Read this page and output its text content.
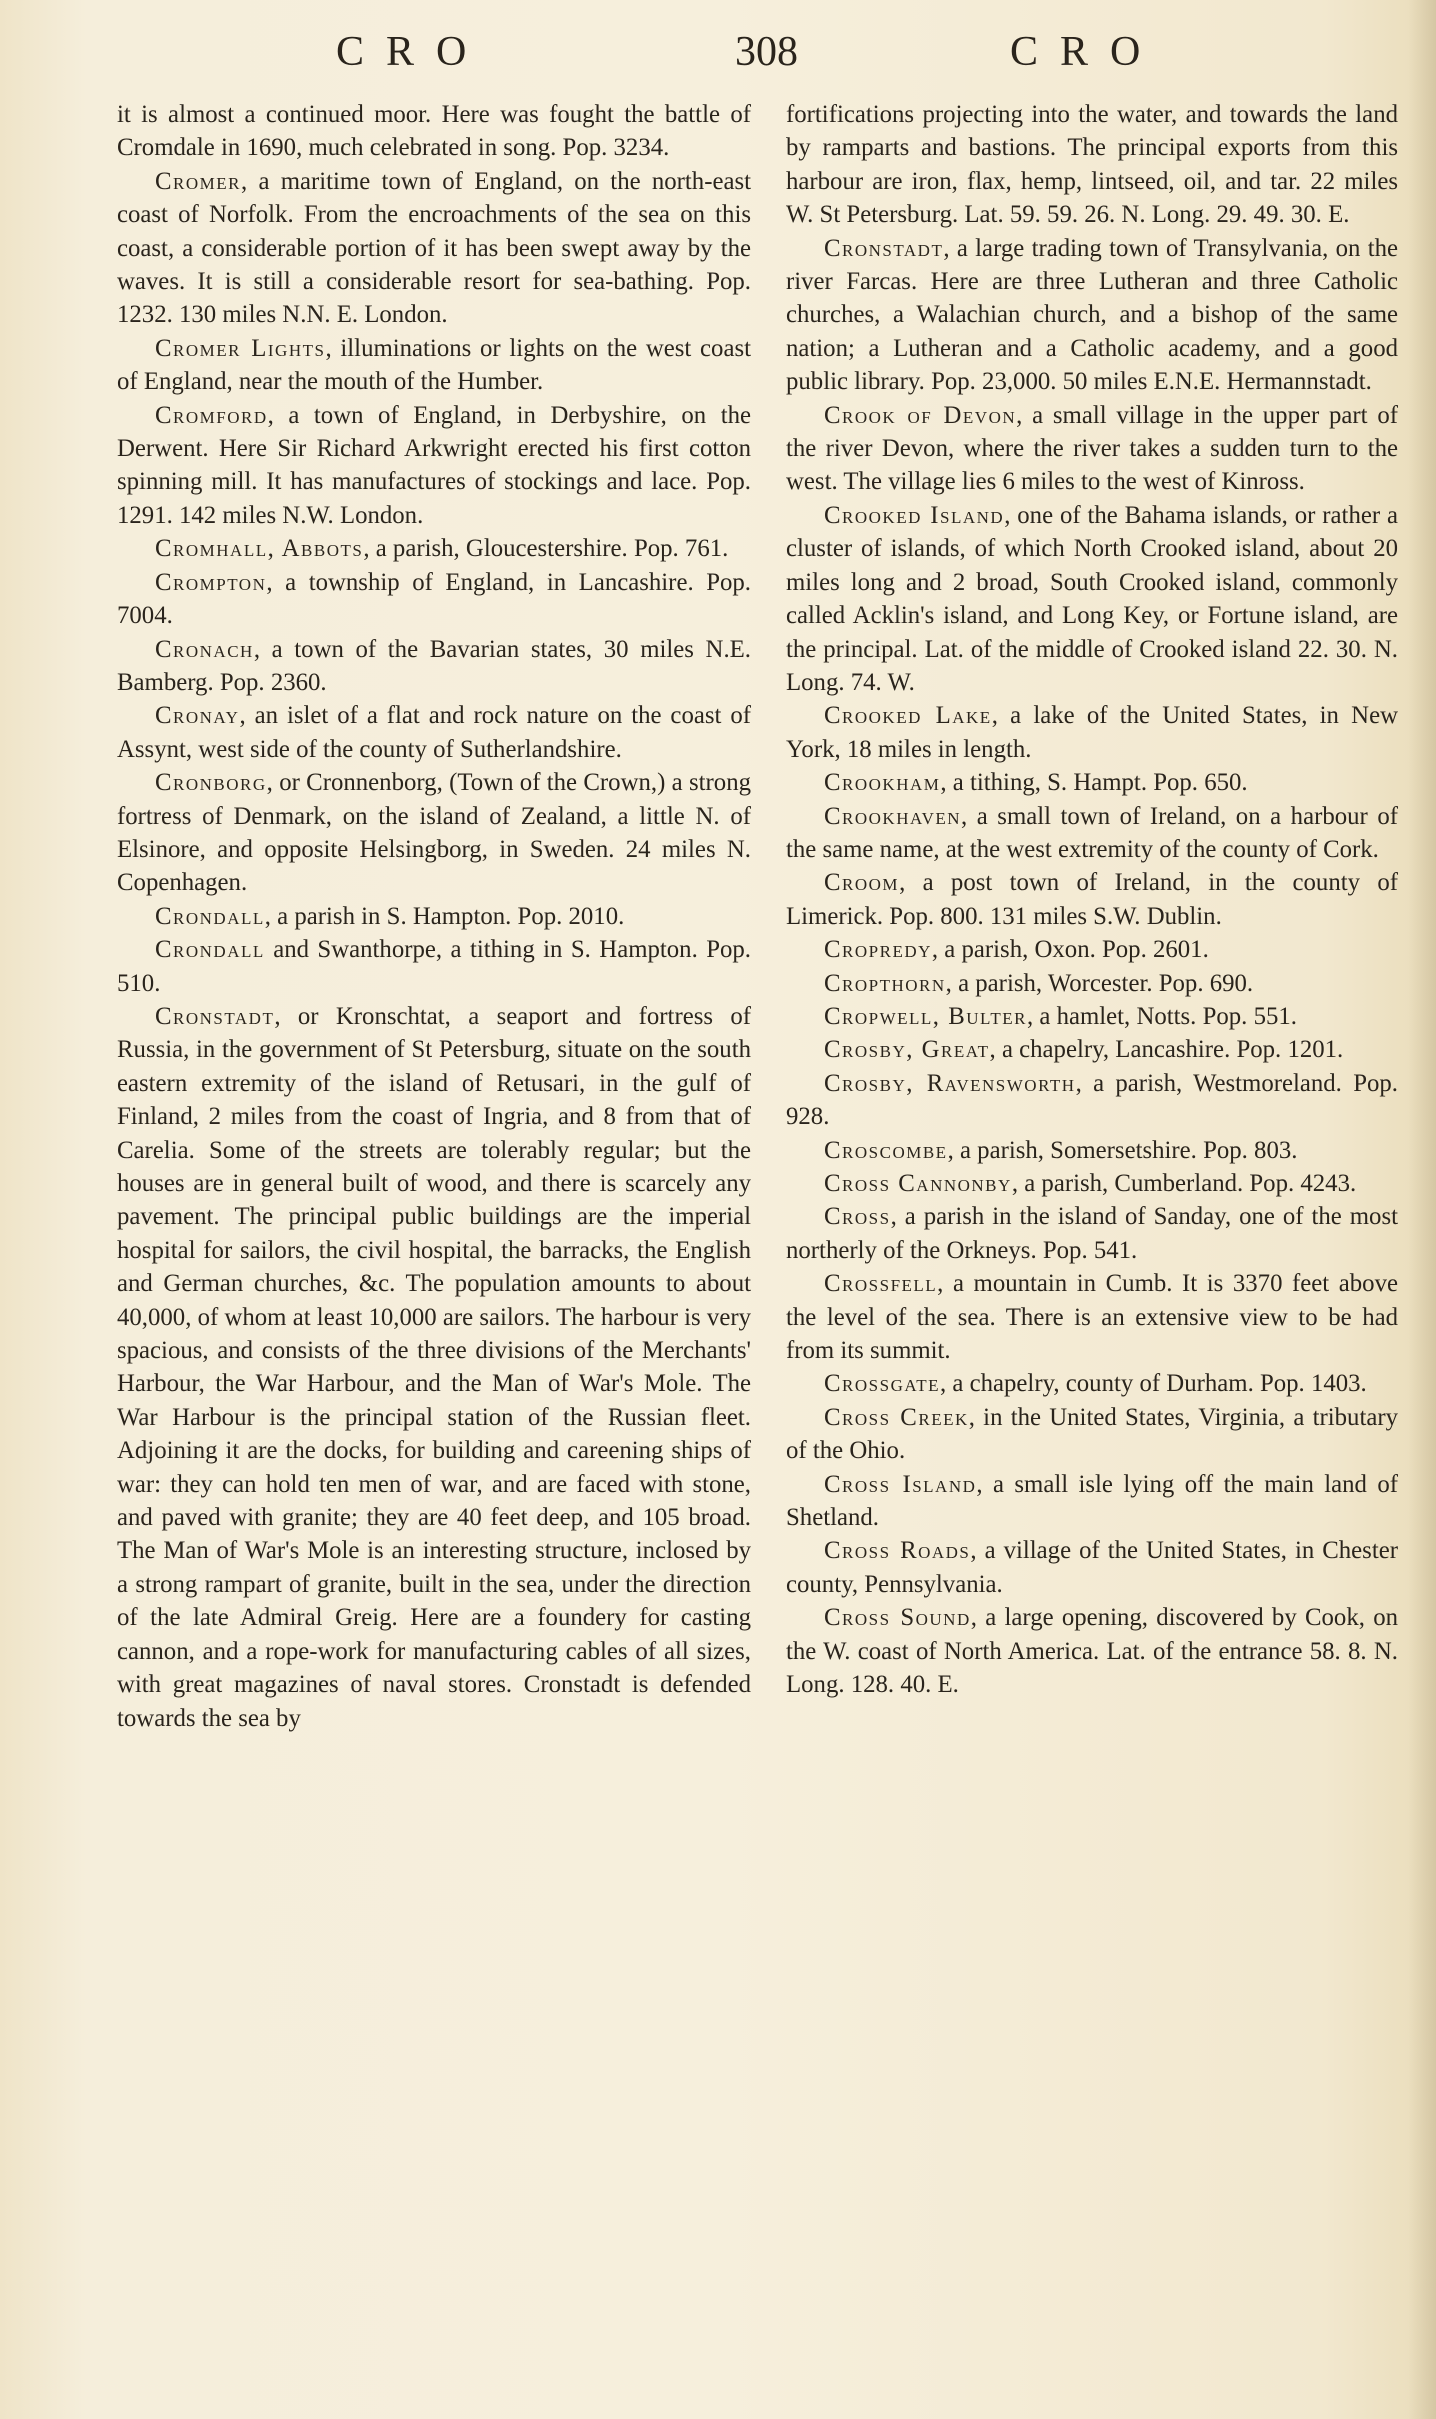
CRO	308	CRO

it is almost a continued moor. Here was fought the battle of Cromdale in 1690, much celebrated in song. Pop. 3234.

Cromer, a maritime town of England, on the north-east coast of Norfolk. From the encroachments of the sea on this coast, a considerable portion of it has been swept away by the waves. It is still a considerable resort for sea-bathing. Pop. 1232. 130 miles N.N. E. London.

Cromer Lights, illuminations or lights on the west coast of England, near the mouth of the Humber.

Cromford, a town of England, in Derbyshire, on the Derwent. Here Sir Richard Arkwright erected his first cotton spinning mill. It has manufactures of stockings and lace. Pop. 1291. 142 miles N.W. London.

Cromhall, Abbots, a parish, Gloucestershire. Pop. 761.

Crompton, a township of England, in Lancashire. Pop. 7004.

Cronach, a town of the Bavarian states, 30 miles N.E. Bamberg. Pop. 2360.

Cronay, an islet of a flat and rock nature on the coast of Assynt, west side of the county of Sutherlandshire.

Cronborg, or Cronnenborg, (Town of the Crown,) a strong fortress of Denmark, on the island of Zealand, a little N. of Elsinore, and opposite Helsingborg, in Sweden. 24 miles N. Copenhagen.

Crondall, a parish in S. Hampton. Pop. 2010.

Crondall and Swanthorpe, a tithing in S. Hampton. Pop. 510.

Cronstadt, or Kronschtat, a seaport and fortress of Russia, in the government of St Petersburg, situate on the south eastern extremity of the island of Retusari, in the gulf of Finland, 2 miles from the coast of Ingria, and 8 from that of Carelia. Some of the streets are tolerably regular; but the houses are in general built of wood, and there is scarcely any pavement. The principal public buildings are the imperial hospital for sailors, the civil hospital, the barracks, the English and German churches, &c. The population amounts to about 40,000, of whom at least 10,000 are sailors. The harbour is very spacious, and consists of the three divisions of the Merchants' Harbour, the War Harbour, and the Man of War's Mole. The War Harbour is the principal station of the Russian fleet. Adjoining it are the docks, for building and careening ships of war: they can hold ten men of war, and are faced with stone, and paved with granite; they are 40 feet deep, and 105 broad. The Man of War's Mole is an interesting structure, inclosed by a strong rampart of granite, built in the sea, under the direction of the late Admiral Greig. Here are a foundery for casting cannon, and a rope-work for manufacturing cables of all sizes, with great magazines of naval stores. Cronstadt is defended towards the sea by

fortifications projecting into the water, and towards the land by ramparts and bastions. The principal exports from this harbour are iron, flax, hemp, lintseed, oil, and tar. 22 miles W. St Petersburg. Lat. 59. 59. 26. N. Long. 29. 49. 30. E.

Cronstadt, a large trading town of Transylvania, on the river Farcas. Here are three Lutheran and three Catholic churches, a Walachian church, and a bishop of the same nation; a Lutheran and a Catholic academy, and a good public library. Pop. 23,000. 50 miles E.N.E. Hermannstadt.

Crook of Devon, a small village in the upper part of the river Devon, where the river takes a sudden turn to the west. The village lies 6 miles to the west of Kinross.

Crooked Island, one of the Bahama islands, or rather a cluster of islands, of which North Crooked island, about 20 miles long and 2 broad, South Crooked island, commonly called Acklin's island, and Long Key, or Fortune island, are the principal. Lat. of the middle of Crooked island 22. 30. N. Long. 74. W.

Crooked Lake, a lake of the United States, in New York, 18 miles in length.

Crookham, a tithing, S. Hampt. Pop. 650.

Crookhaven, a small town of Ireland, on a harbour of the same name, at the west extremity of the county of Cork.

Croom, a post town of Ireland, in the county of Limerick. Pop. 800. 131 miles S.W. Dublin.

Cropredy, a parish, Oxon. Pop. 2601.

Cropthorn, a parish, Worcester. Pop. 690.

Cropwell, Bulter, a hamlet, Notts. Pop. 551.

Crosby, Great, a chapelry, Lancashire. Pop. 1201.

Crosby, Ravensworth, a parish, Westmoreland. Pop. 928.

Croscombe, a parish, Somersetshire. Pop. 803.

Cross Cannonby, a parish, Cumberland. Pop. 4243.

Cross, a parish in the island of Sanday, one of the most northerly of the Orkneys. Pop. 541.

Crossfell, a mountain in Cumb. It is 3370 feet above the level of the sea. There is an extensive view to be had from its summit.

Crossgate, a chapelry, county of Durham. Pop. 1403.

Cross Creek, in the United States, Virginia, a tributary of the Ohio.

Cross Island, a small isle lying off the main land of Shetland.

Cross Roads, a village of the United States, in Chester county, Pennsylvania.

Cross Sound, a large opening, discovered by Cook, on the W. coast of North America. Lat. of the entrance 58. 8. N. Long. 128. 40. E.
